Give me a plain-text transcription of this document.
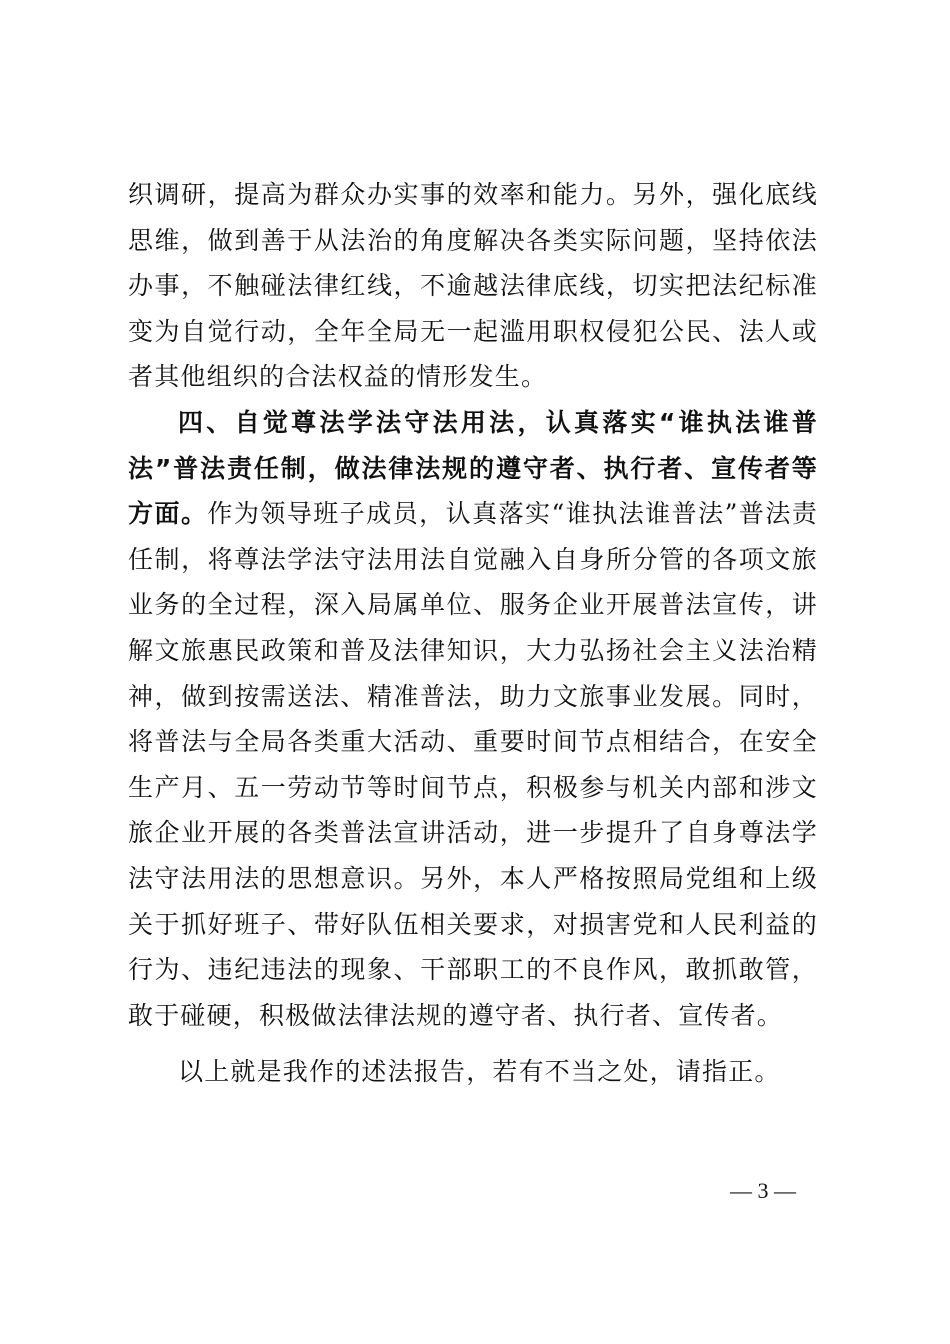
织调研，提高为群众办实事的效率和能力。另外，强化底线思维，做到善于从法治的角度解决各类实际问题，坚持依法办事，不触碰法律红线，不逾越法律底线，切实把法纪标准变为自觉行动，全年全局无一起滥用职权侵犯公民、法人或者其他组织的合法权益的情形发生。

四、自觉尊法学法守法用法，认真落实“谁执法谁普法”普法责任制，做法律法规的遵守者、执行者、宣传者等方面。作为领导班子成员，认真落实“谁执法谁普法”普法责任制，将尊法学法守法用法自觉融入自身所分管的各项文旅业务的全过程，深入局属单位、服务企业开展普法宣传，讲解文旅惠民政策和普及法律知识，大力弘扬社会主义法治精神，做到按需送法、精准普法，助力文旅事业发展。同时，将普法与全局各类重大活动、重要时间节点相结合，在安全生产月、五一劳动节等时间节点，积极参与机关内部和涉文旅企业开展的各类普法宣讲活动，进一步提升了自身尊法学法守法用法的思想意识。另外，本人严格按照局党组和上级关于抓好班子、带好队伍相关要求，对损害党和人民利益的行为、违纪违法的现象、干部职工的不良作风，敢抓敢管，敢于碰硬，积极做法律法规的遵守者、执行者、宣传者。

以上就是我作的述法报告，若有不当之处，请指正。

— 3 —
